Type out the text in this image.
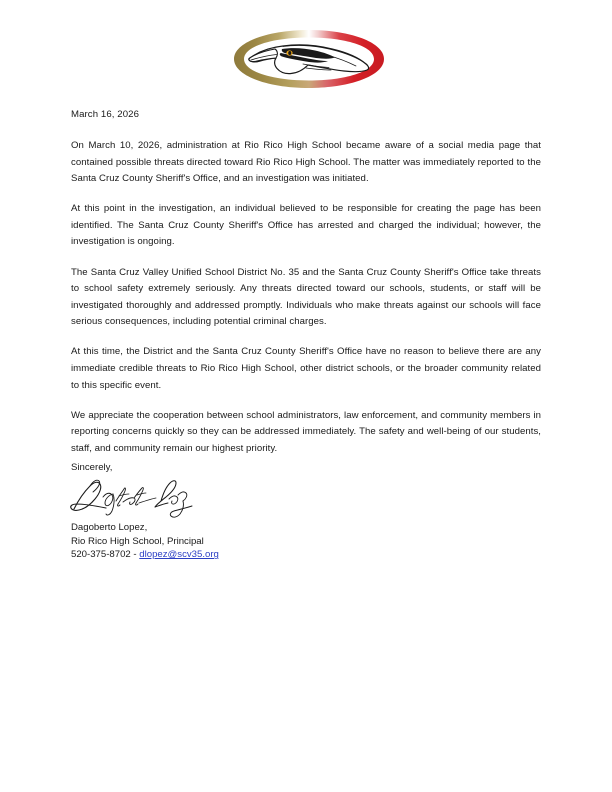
March 16, 2026

On March 10, 2026, administration at Rio Rico High School became aware of a social media page that contained possible threats directed toward Rio Rico High School. The matter was immediately reported to the Santa Cruz County Sheriff's Office, and an investigation was initiated.

At this point in the investigation, an individual believed to be responsible for creating the page has been identified. The Santa Cruz County Sheriff's Office has arrested and charged the individual; however, the investigation is ongoing.

The Santa Cruz Valley Unified School District No. 35 and the Santa Cruz County Sheriff's Office take threats to school safety extremely seriously. Any threats directed toward our schools, students, or staff will be investigated thoroughly and addressed promptly. Individuals who make threats against our schools will face serious consequences, including potential criminal charges.

At this time, the District and the Santa Cruz County Sheriff's Office have no reason to believe there are any immediate credible threats to Rio Rico High School, other district schools, or the broader community related to this specific event.

We appreciate the cooperation between school administrators, law enforcement, and community members in reporting concerns quickly so they can be addressed immediately. The safety and well-being of our students, staff, and community remain our highest priority.

Sincerely,
Dagoberto Lopez,
Rio Rico High School, Principal
520-375-8702 - dlopez@scv35.org
